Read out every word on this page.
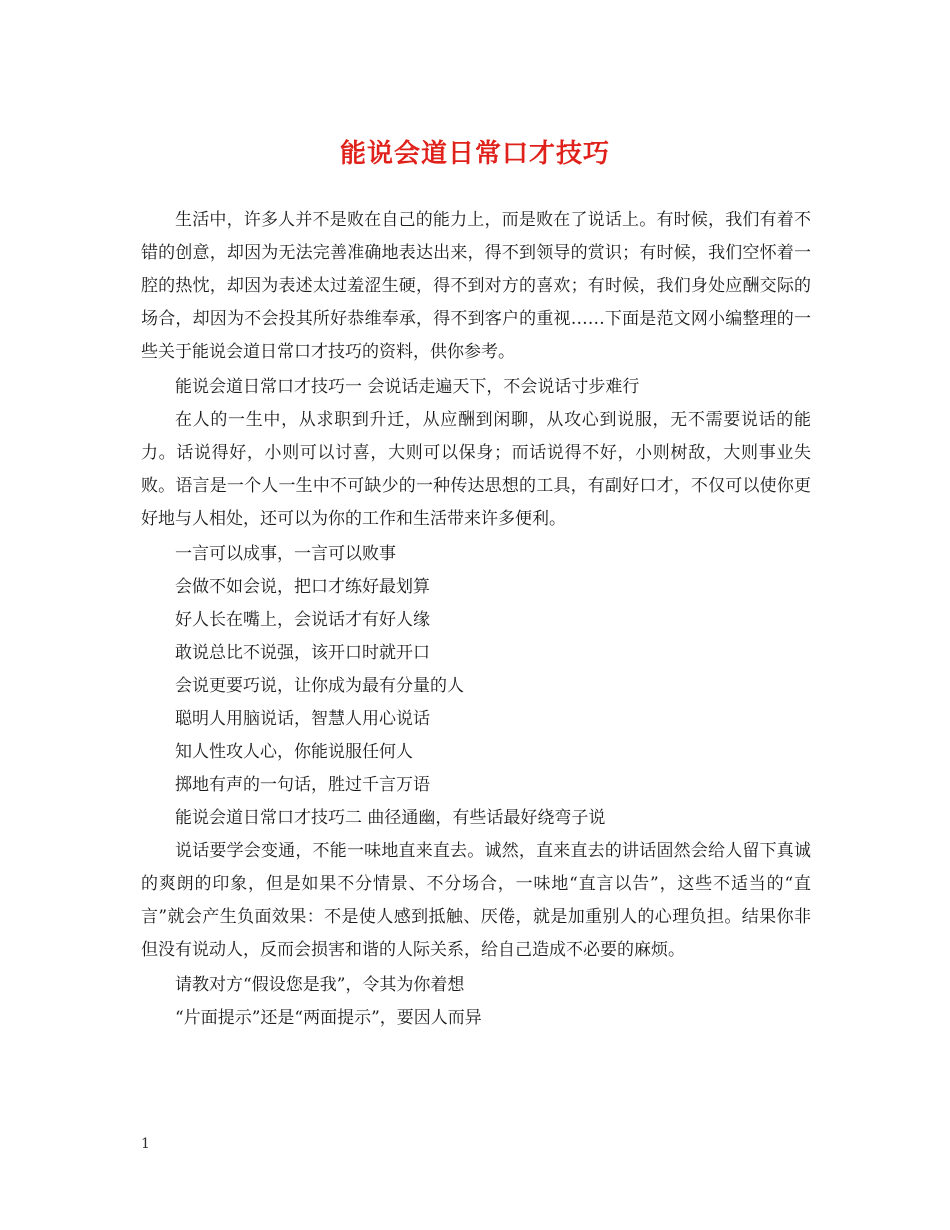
能说会道日常口才技巧

生活中，许多人并不是败在自己的能力上，而是败在了说话上。有时候，我们有着不错的创意，却因为无法完善准确地表达出来，得不到领导的赏识；有时候，我们空怀着一腔的热忱，却因为表述太过羞涩生硬，得不到对方的喜欢；有时候，我们身处应酬交际的场合，却因为不会投其所好恭维奉承，得不到客户的重视……下面是范文网小编整理的一些关于能说会道日常口才技巧的资料，供你参考。

能说会道日常口才技巧一 会说话走遍天下，不会说话寸步难行

在人的一生中，从求职到升迁，从应酬到闲聊，从攻心到说服，无不需要说话的能力。话说得好，小则可以讨喜，大则可以保身；而话说得不好，小则树敌，大则事业失败。语言是一个人一生中不可缺少的一种传达思想的工具，有副好口才，不仅可以使你更好地与人相处，还可以为你的工作和生活带来许多便利。

一言可以成事，一言可以败事

会做不如会说，把口才练好最划算

好人长在嘴上，会说话才有好人缘

敢说总比不说强，该开口时就开口

会说更要巧说，让你成为最有分量的人

聪明人用脑说话，智慧人用心说话

知人性攻人心，你能说服任何人

掷地有声的一句话，胜过千言万语

能说会道日常口才技巧二 曲径通幽，有些话最好绕弯子说

说话要学会变通，不能一味地直来直去。诚然，直来直去的讲话固然会给人留下真诚的爽朗的印象，但是如果不分情景、不分场合，一味地“直言以告”，这些不适当的“直言”就会产生负面效果：不是使人感到抵触、厌倦，就是加重别人的心理负担。结果你非但没有说动人，反而会损害和谐的人际关系，给自己造成不必要的麻烦。

请教对方“假设您是我”，令其为你着想

“片面提示”还是“两面提示”，要因人而异

1
